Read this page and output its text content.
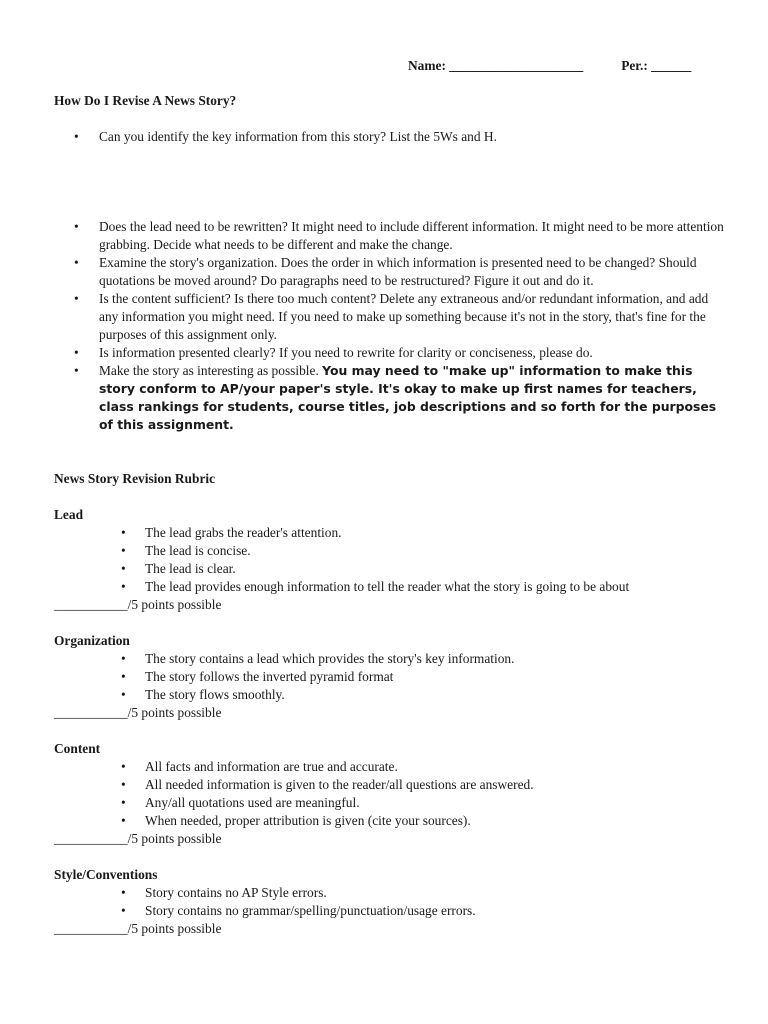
Name: ____________________	Per.: ______
How Do I Revise A News Story?
• Can you identify the key information from this story? List the 5Ws and H.
• Does the lead need to be rewritten? It might need to include different information. It might need to be more attention grabbing. Decide what needs to be different and make the change.
• Examine the story's organization. Does the order in which information is presented need to be changed? Should quotations be moved around? Do paragraphs need to be restructured? Figure it out and do it.
• Is the content sufficient? Is there too much content? Delete any extraneous and/or redundant information, and add any information you might need. If you need to make up something because it's not in the story, that's fine for the purposes of this assignment only.
• Is information presented clearly? If you need to rewrite for clarity or conciseness, please do.
• Make the story as interesting as possible. You may need to "make up" information to make this story conform to AP/your paper's style. It's okay to make up first names for teachers, class rankings for students, course titles, job descriptions and so forth for the purposes of this assignment.
News Story Revision Rubric
Lead
• The lead grabs the reader's attention.
• The lead is concise.
• The lead is clear.
• The lead provides enough information to tell the reader what the story is going to be about
___________/5 points possible
Organization
• The story contains a lead which provides the story's key information.
• The story follows the inverted pyramid format
• The story flows smoothly.
___________/5 points possible
Content
• All facts and information are true and accurate.
• All needed information is given to the reader/all questions are answered.
• Any/all quotations used are meaningful.
• When needed, proper attribution is given (cite your sources).
___________/5 points possible
Style/Conventions
• Story contains no AP Style errors.
• Story contains no grammar/spelling/punctuation/usage errors.
___________/5 points possible
